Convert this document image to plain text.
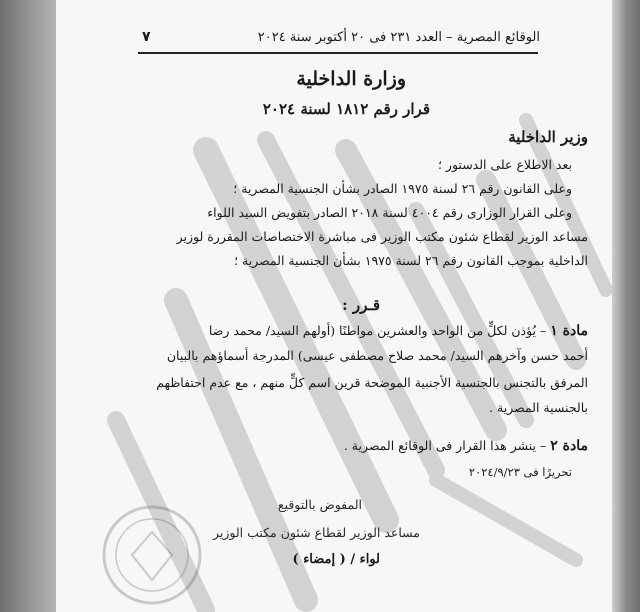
الوقائع المصرية – العدد ٢٣١ فى ٢٠ أكتوبر سنة ٢٠٢٤
٧
وزارة الداخلية
قرار رقم ١٨١٢ لسنة ٢٠٢٤
وزير الداخلية
بعد الاطلاع على الدستور ؛
وعلى القانون رقم ٢٦ لسنة ١٩٧٥ الصادر بشأن الجنسية المصرية ؛
وعلى القرار الوزارى رقم ٤٠٠٤ لسنة ٢٠١٨ الصادر بتفويض السيد اللواء
مساعد الوزير لقطاع شئون مكتب الوزير فى مباشرة الاختصاصات المقررة لوزير
الداخلية بموجب القانون رقم ٢٦ لسنة ١٩٧٥ بشأن الجنسية المصرية ؛
قـرر :
مادة ١ – يُؤذن لكلٍّ من الواحد والعشرين مواطنًا (أولهم السيد/ محمد رضا
أحمد حسن وآخرهم السيد/ محمد صلاح مصطفى عيسى) المدرجة أسماؤهم بالبيان
المرفق بالتجنس بالجنسية الأجنبية الموضحة قرين اسم كلٍّ منهم ، مع عدم احتفاظهم
بالجنسية المصرية .
مادة ٢ – ينشر هذا القرار فى الوقائع المصرية .
تحريرًا فى ٢٠٢٤/٩/٢٣
المفوض بالتوقيع
مساعد الوزير لقطاع شئون مكتب الوزير
لواء / ( إمضاء )
